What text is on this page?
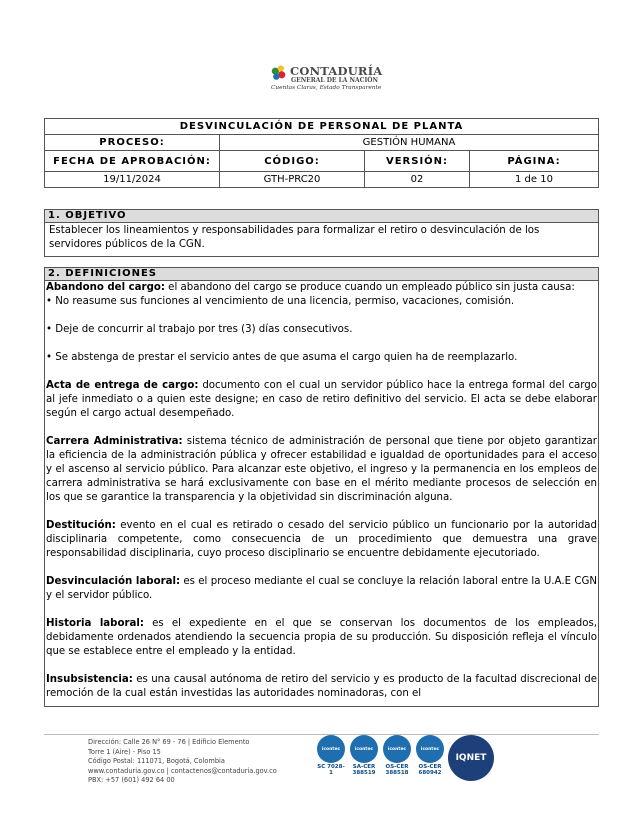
CONTADURÍA
GENERAL DE LA NACIÓN
Cuentas Claras, Estado Transparente
DESVINCULACIÓN DE PERSONAL DE PLANTA			
PROCESO:	GESTIÓN HUMANA		
FECHA DE APROBACIÓN:	CÓDIGO:	VERSIÓN:	PÁGINA:
19/11/2024	GTH-PRC20	02	1 de 10
1. OBJETIVO
Establecer los lineamientos y responsabilidades para formalizar el retiro o desvinculación de los servidores públicos de la CGN.
2. DEFINICIONES

Abandono del cargo: el abandono del cargo se produce cuando un empleado público sin justa causa:

• No reasume sus funciones al vencimiento de una licencia, permiso, vacaciones, comisión.

• Deje de concurrir al trabajo por tres (3) días consecutivos.

• Se abstenga de prestar el servicio antes de que asuma el cargo quien ha de reemplazarlo.

Acta de entrega de cargo: documento con el cual un servidor público hace la entrega formal del cargo al jefe inmediato o a quien este designe; en caso de retiro definitivo del servicio. El acta se debe elaborar según el cargo actual desempeñado.

Carrera Administrativa: sistema técnico de administración de personal que tiene por objeto garantizar la eficiencia de la administración pública y ofrecer estabilidad e igualdad de oportunidades para el acceso y el ascenso al servicio público. Para alcanzar este objetivo, el ingreso y la permanencia en los empleos de carrera administrativa se hará exclusivamente con base en el mérito mediante procesos de selección en los que se garantice la transparencia y la objetividad sin discriminación alguna.

Destitución: evento en el cual es retirado o cesado del servicio público un funcionario por la autoridad disciplinaria competente, como consecuencia de un procedimiento que demuestra una grave responsabilidad disciplinaria, cuyo proceso disciplinario se encuentre debidamente ejecutoriado.

Desvinculación laboral: es el proceso mediante el cual se concluye la relación laboral entre la U.A.E CGN y el servidor público.

Historia laboral: es el expediente en el que se conservan los documentos de los empleados, debidamente ordenados atendiendo la secuencia propia de su producción. Su disposición refleja el vínculo que se establece entre el empleado y la entidad.

Insubsistencia: es una causal autónoma de retiro del servicio y es producto de la facultad discrecional de remoción de la cual están investidas las autoridades nominadoras, con el

Dirección: Calle 26 N° 69 - 76 | Edificio Elemento
Torre 1 (Aire) - Piso 15
Código Postal: 111071, Bogotá, Colombia
www.contaduria.gov.co | contactenos@contaduria.gov.co
PBX: +57 (601) 492 64 00
icontec
SC 7028-1
icontec
SA-CER 388519
icontec
OS-CER 388518
icontec
OS-CER 680942
IQNET
